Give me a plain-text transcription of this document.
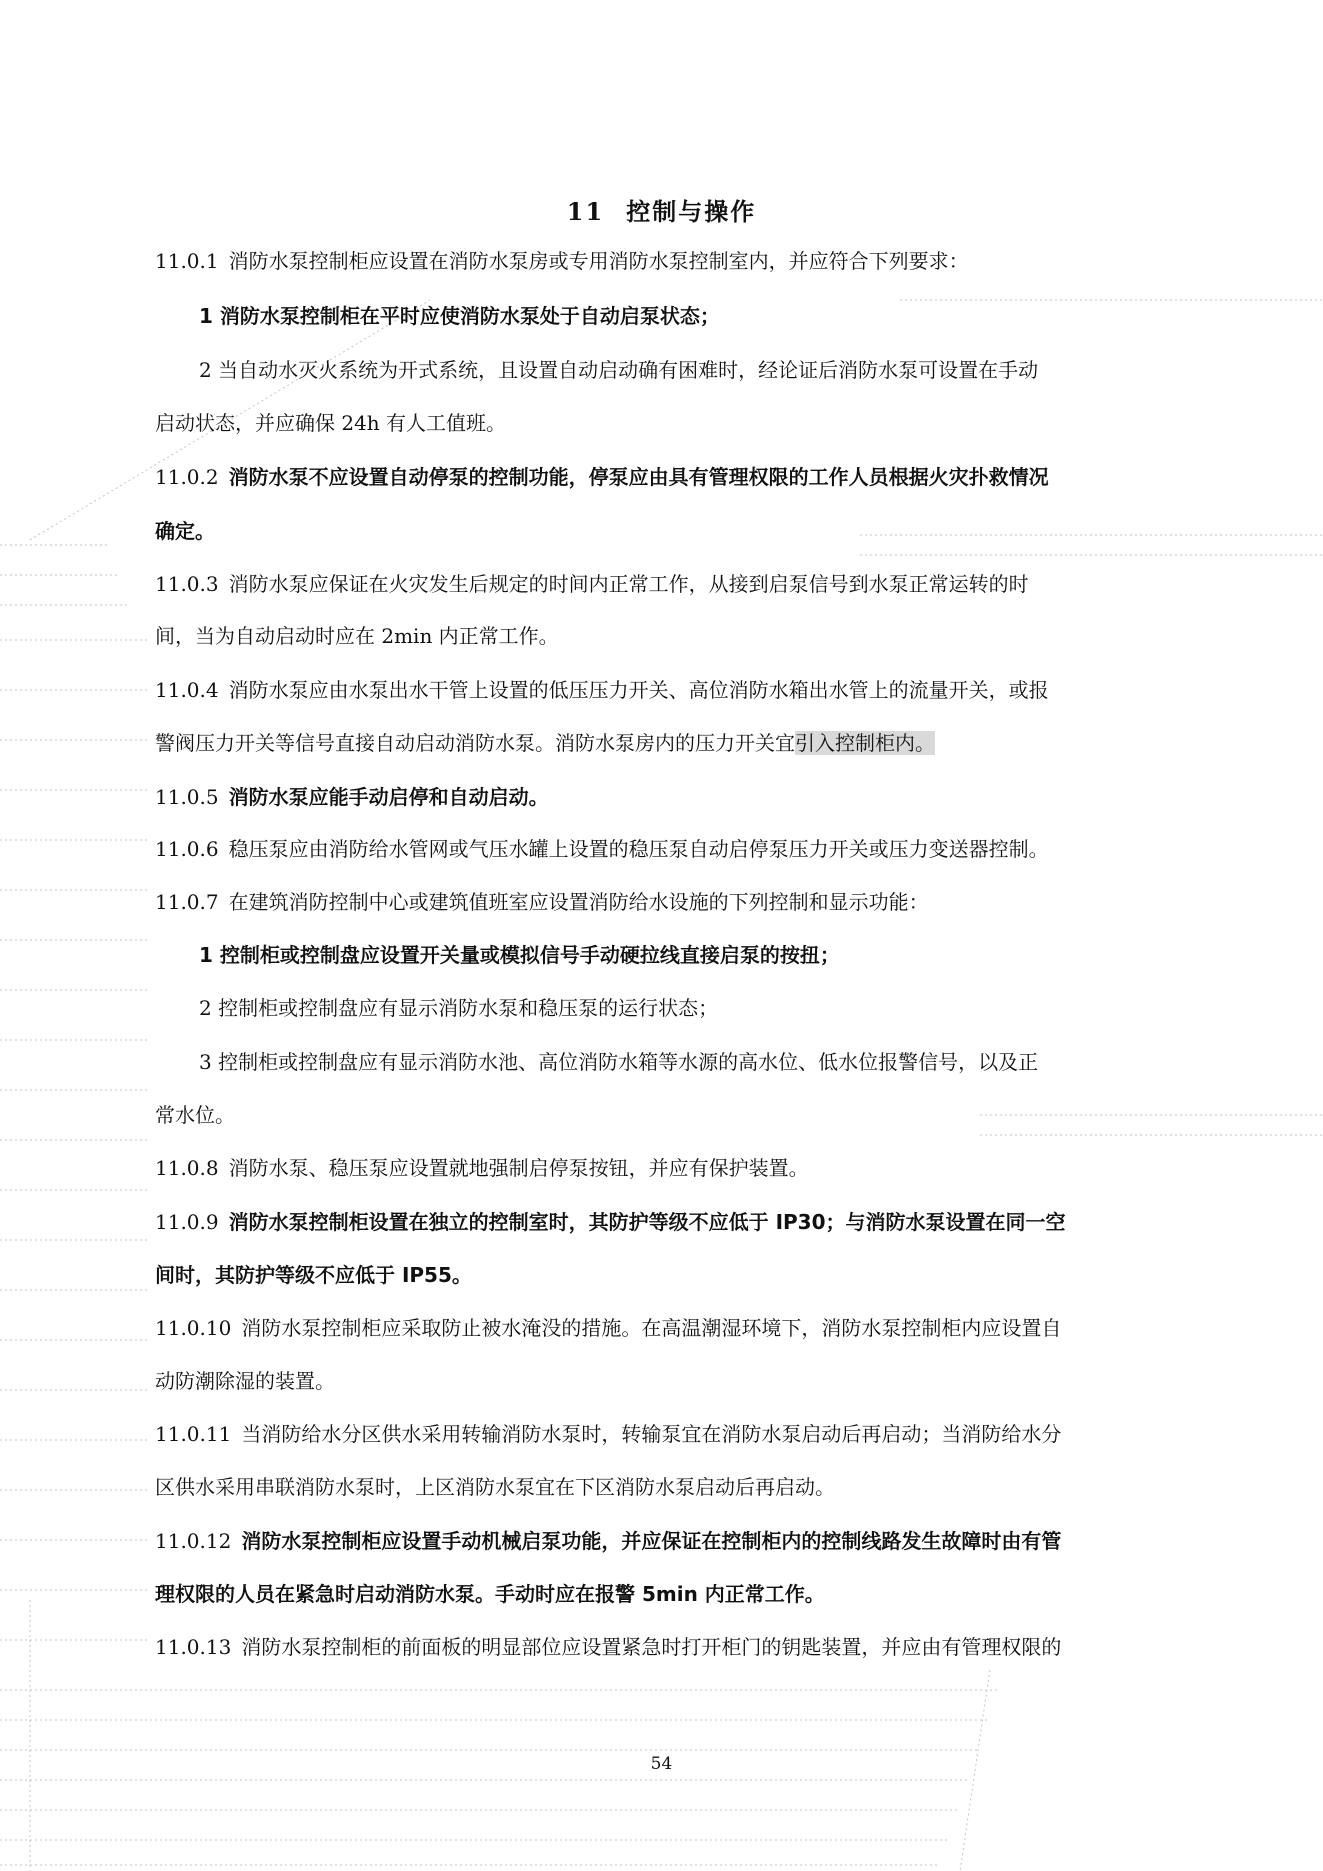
11 控制与操作
11.0.1 消防水泵控制柜应设置在消防水泵房或专用消防水泵控制室内，并应符合下列要求：
1 消防水泵控制柜在平时应使消防水泵处于自动启泵状态；
2 当自动水灭火系统为开式系统，且设置自动启动确有困难时，经论证后消防水泵可设置在手动
启动状态，并应确保 24h 有人工值班。
11.0.2 消防水泵不应设置自动停泵的控制功能，停泵应由具有管理权限的工作人员根据火灾扑救情况
确定。
11.0.3 消防水泵应保证在火灾发生后规定的时间内正常工作，从接到启泵信号到水泵正常运转的时
间，当为自动启动时应在 2min 内正常工作。
11.0.4 消防水泵应由水泵出水干管上设置的低压压力开关、高位消防水箱出水管上的流量开关，或报
警阀压力开关等信号直接自动启动消防水泵。消防水泵房内的压力开关宜引入控制柜内。
11.0.5 消防水泵应能手动启停和自动启动。
11.0.6 稳压泵应由消防给水管网或气压水罐上设置的稳压泵自动启停泵压力开关或压力变送器控制。
11.0.7 在建筑消防控制中心或建筑值班室应设置消防给水设施的下列控制和显示功能：
1 控制柜或控制盘应设置开关量或模拟信号手动硬拉线直接启泵的按扭；
2 控制柜或控制盘应有显示消防水泵和稳压泵的运行状态；
3 控制柜或控制盘应有显示消防水池、高位消防水箱等水源的高水位、低水位报警信号，以及正
常水位。
11.0.8 消防水泵、稳压泵应设置就地强制启停泵按钮，并应有保护装置。
11.0.9 消防水泵控制柜设置在独立的控制室时，其防护等级不应低于 IP30；与消防水泵设置在同一空
间时，其防护等级不应低于 IP55。
11.0.10 消防水泵控制柜应采取防止被水淹没的措施。在高温潮湿环境下，消防水泵控制柜内应设置自
动防潮除湿的装置。
11.0.11 当消防给水分区供水采用转输消防水泵时，转输泵宜在消防水泵启动后再启动；当消防给水分
区供水采用串联消防水泵时，上区消防水泵宜在下区消防水泵启动后再启动。
11.0.12 消防水泵控制柜应设置手动机械启泵功能，并应保证在控制柜内的控制线路发生故障时由有管
理权限的人员在紧急时启动消防水泵。手动时应在报警 5min 内正常工作。
11.0.13 消防水泵控制柜的前面板的明显部位应设置紧急时打开柜门的钥匙装置，并应由有管理权限的
54
